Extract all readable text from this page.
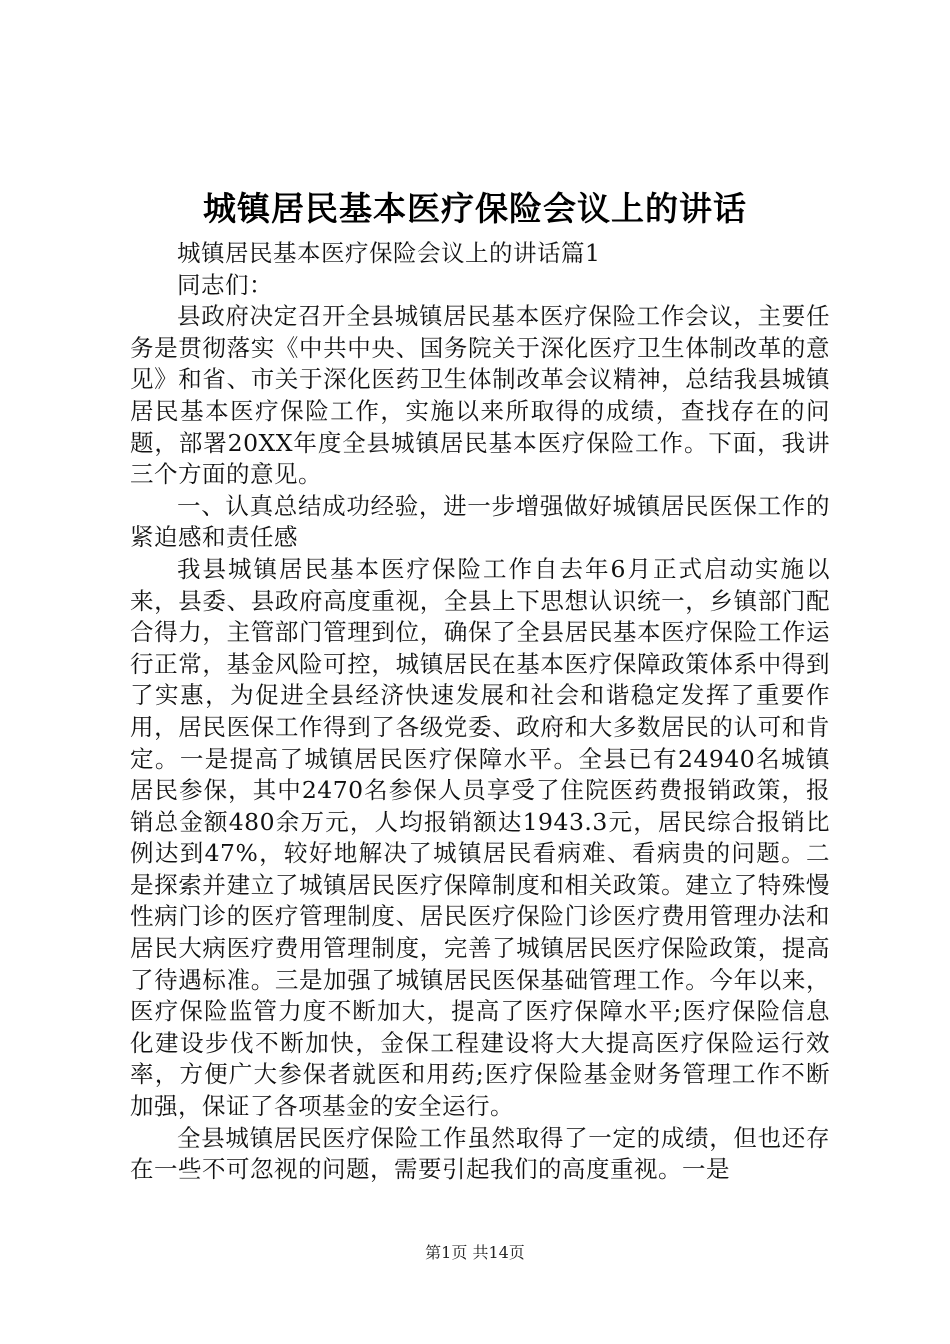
城镇居民基本医疗保险会议上的讲话

城镇居民基本医疗保险会议上的讲话篇1

同志们：

县政府决定召开全县城镇居民基本医疗保险工作会议，主要任务是贯彻落实《中共中央、国务院关于深化医疗卫生体制改革的意见》和省、市关于深化医药卫生体制改革会议精神，总结我县城镇居民基本医疗保险工作，实施以来所取得的成绩，查找存在的问题，部署20XX年度全县城镇居民基本医疗保险工作。下面，我讲三个方面的意见。

一、认真总结成功经验，进一步增强做好城镇居民医保工作的紧迫感和责任感

我县城镇居民基本医疗保险工作自去年6月正式启动实施以来，县委、县政府高度重视，全县上下思想认识统一，乡镇部门配合得力，主管部门管理到位，确保了全县居民基本医疗保险工作运行正常，基金风险可控，城镇居民在基本医疗保障政策体系中得到了实惠，为促进全县经济快速发展和社会和谐稳定发挥了重要作用，居民医保工作得到了各级党委、政府和大多数居民的认可和肯定。一是提高了城镇居民医疗保障水平。全县已有24940名城镇居民参保，其中2470名参保人员享受了住院医药费报销政策，报销总金额480余万元，人均报销额达1943.3元，居民综合报销比例达到47%，较好地解决了城镇居民看病难、看病贵的问题。二是探索并建立了城镇居民医疗保障制度和相关政策。建立了特殊慢性病门诊的医疗管理制度、居民医疗保险门诊医疗费用管理办法和居民大病医疗费用管理制度，完善了城镇居民医疗保险政策，提高了待遇标准。三是加强了城镇居民医保基础管理工作。今年以来，医疗保险监管力度不断加大，提高了医疗保障水平;医疗保险信息化建设步伐不断加快，金保工程建设将大大提高医疗保险运行效率，方便广大参保者就医和用药;医疗保险基金财务管理工作不断加强，保证了各项基金的安全运行。

全县城镇居民医疗保险工作虽然取得了一定的成绩，但也还存在一些不可忽视的问题，需要引起我们的高度重视。一是

第1页 共14页
